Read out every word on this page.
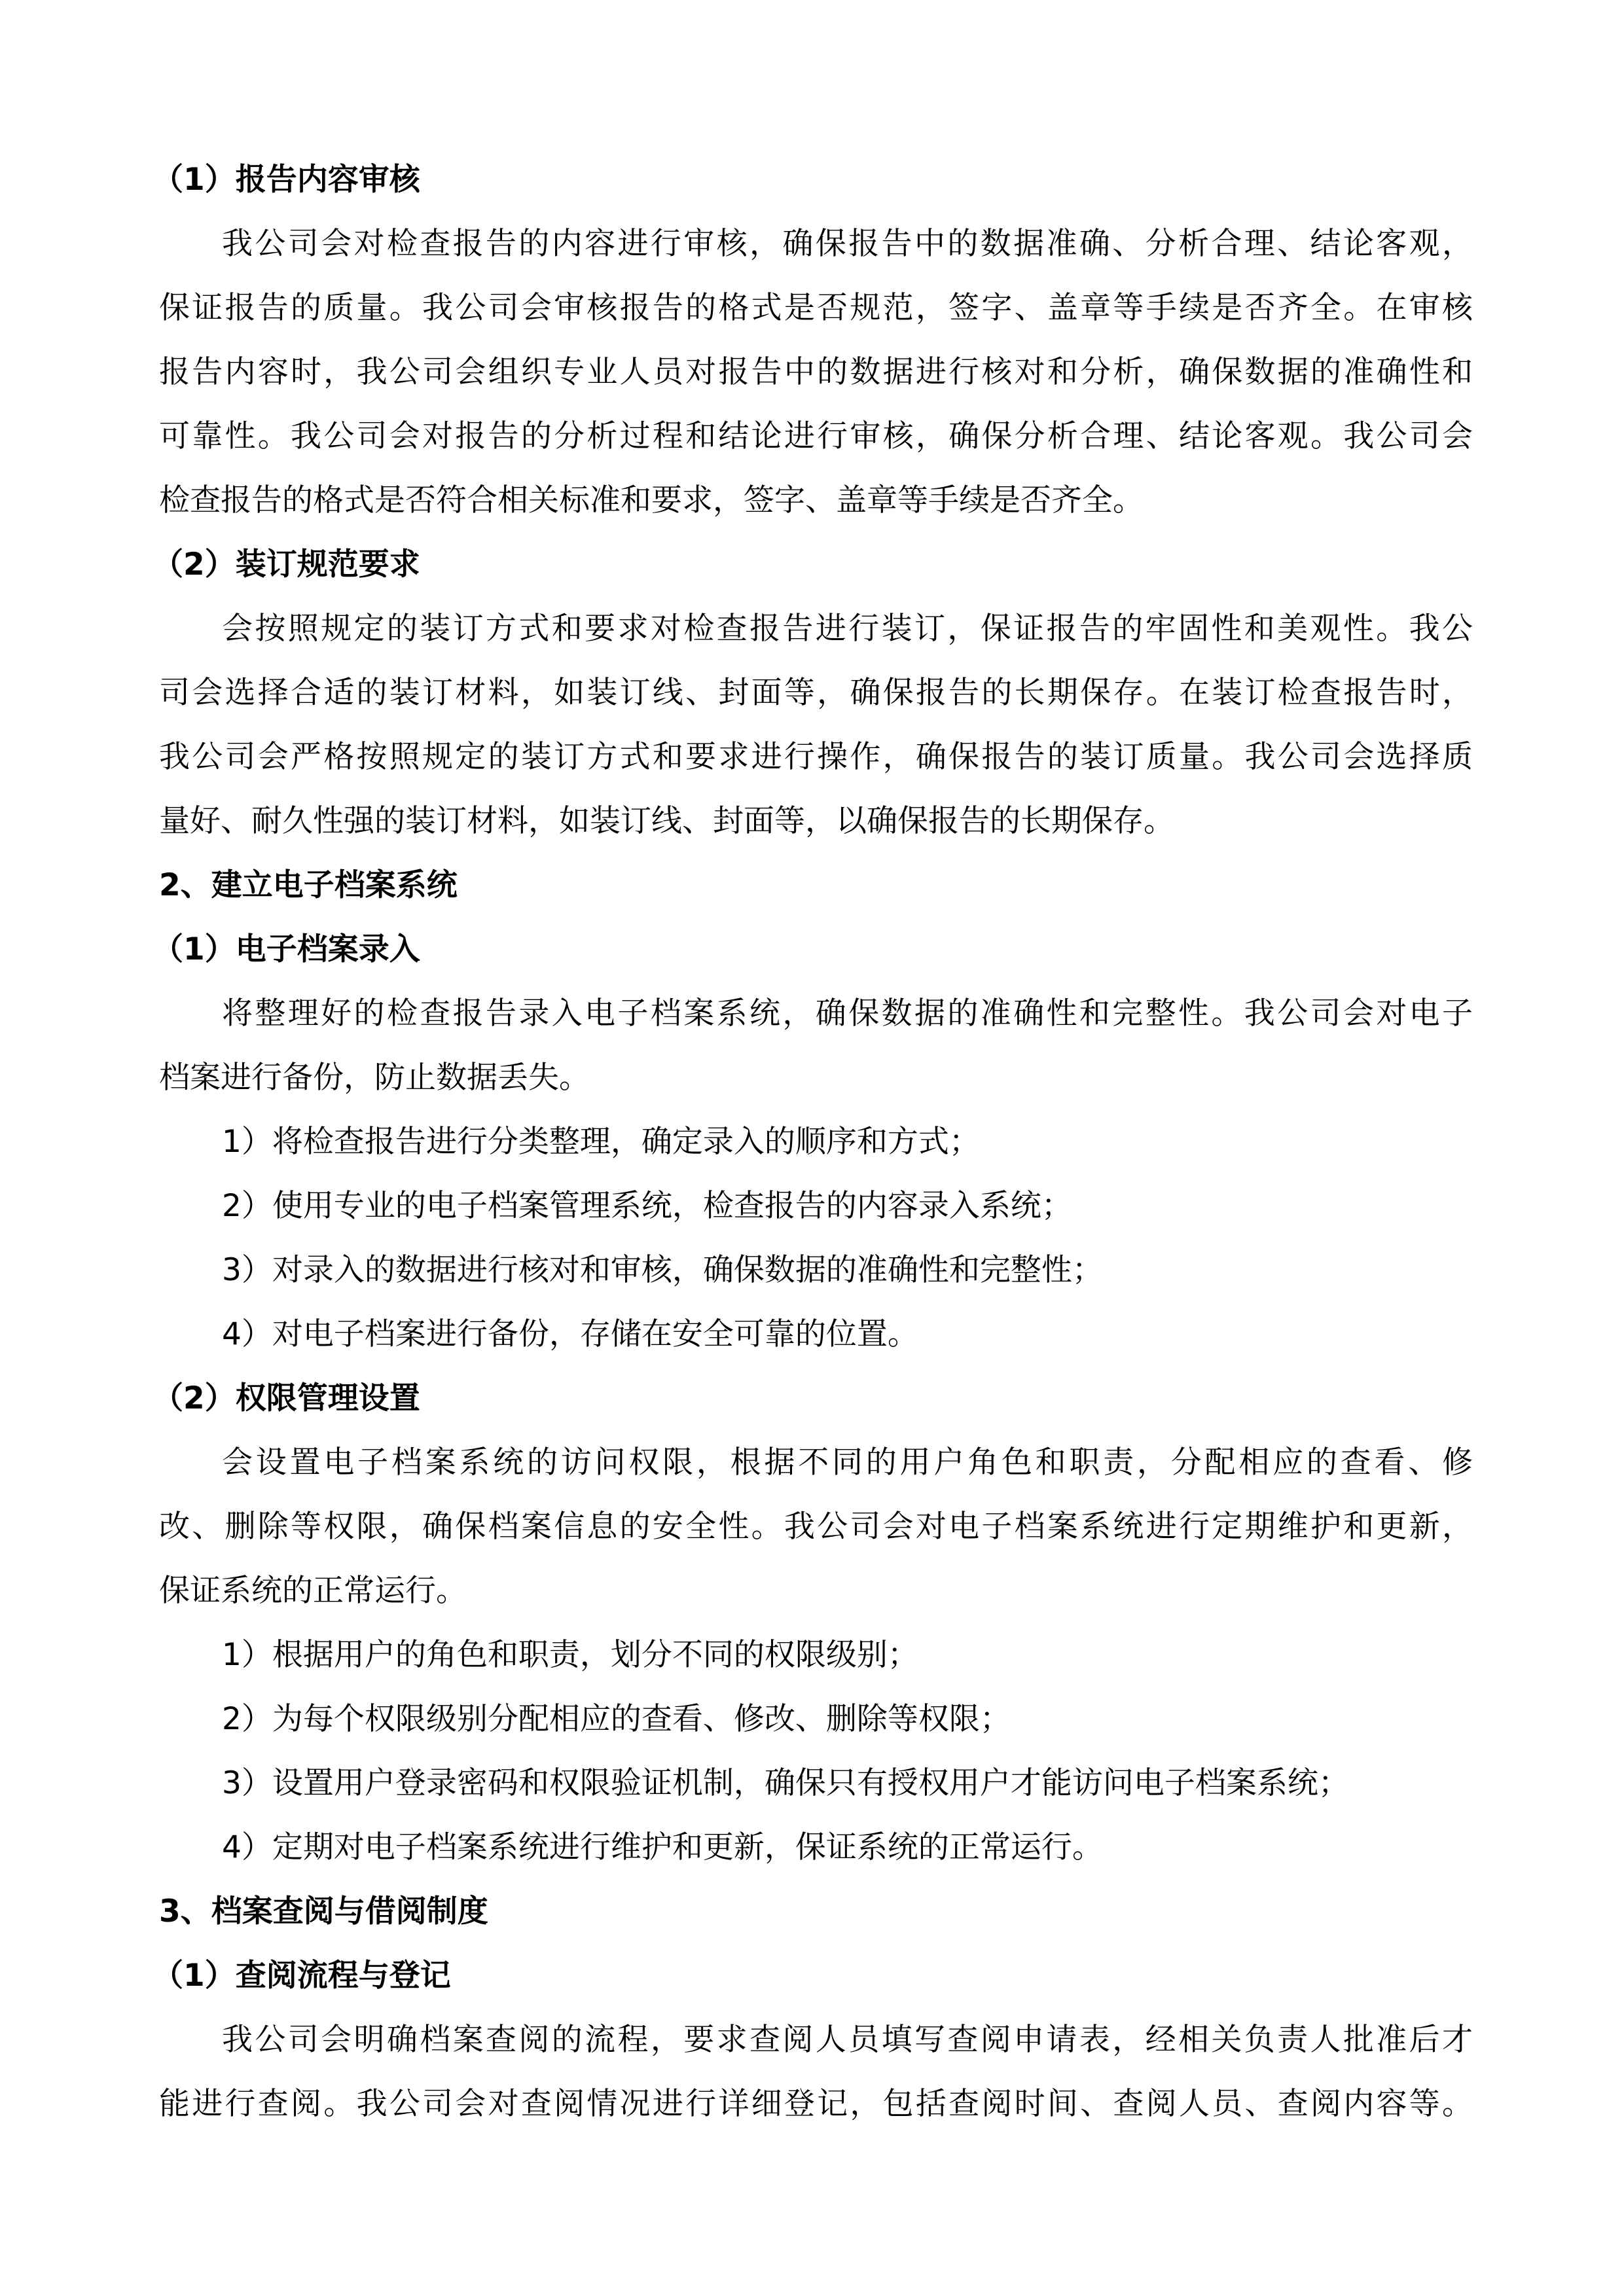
（1）报告内容审核
我公司会对检查报告的内容进行审核，确保报告中的数据准确、分析合理、结论客观，
保证报告的质量。我公司会审核报告的格式是否规范，签字、盖章等手续是否齐全。在审核
报告内容时，我公司会组织专业人员对报告中的数据进行核对和分析，确保数据的准确性和
可靠性。我公司会对报告的分析过程和结论进行审核，确保分析合理、结论客观。我公司会
检查报告的格式是否符合相关标准和要求，签字、盖章等手续是否齐全。
（2）装订规范要求
会按照规定的装订方式和要求对检查报告进行装订，保证报告的牢固性和美观性。我公
司会选择合适的装订材料，如装订线、封面等，确保报告的长期保存。在装订检查报告时，
我公司会严格按照规定的装订方式和要求进行操作，确保报告的装订质量。我公司会选择质
量好、耐久性强的装订材料，如装订线、封面等，以确保报告的长期保存。
2、建立电子档案系统
（1）电子档案录入
将整理好的检查报告录入电子档案系统，确保数据的准确性和完整性。我公司会对电子
档案进行备份，防止数据丢失。
1）将检查报告进行分类整理，确定录入的顺序和方式；
2）使用专业的电子档案管理系统，检查报告的内容录入系统；
3）对录入的数据进行核对和审核，确保数据的准确性和完整性；
4）对电子档案进行备份，存储在安全可靠的位置。
（2）权限管理设置
会设置电子档案系统的访问权限，根据不同的用户角色和职责，分配相应的查看、修
改、删除等权限，确保档案信息的安全性。我公司会对电子档案系统进行定期维护和更新，
保证系统的正常运行。
1）根据用户的角色和职责，划分不同的权限级别；
2）为每个权限级别分配相应的查看、修改、删除等权限；
3）设置用户登录密码和权限验证机制，确保只有授权用户才能访问电子档案系统；
4）定期对电子档案系统进行维护和更新，保证系统的正常运行。
3、档案查阅与借阅制度
（1）查阅流程与登记
我公司会明确档案查阅的流程，要求查阅人员填写查阅申请表，经相关负责人批准后才
能进行查阅。我公司会对查阅情况进行详细登记，包括查阅时间、查阅人员、查阅内容等。
